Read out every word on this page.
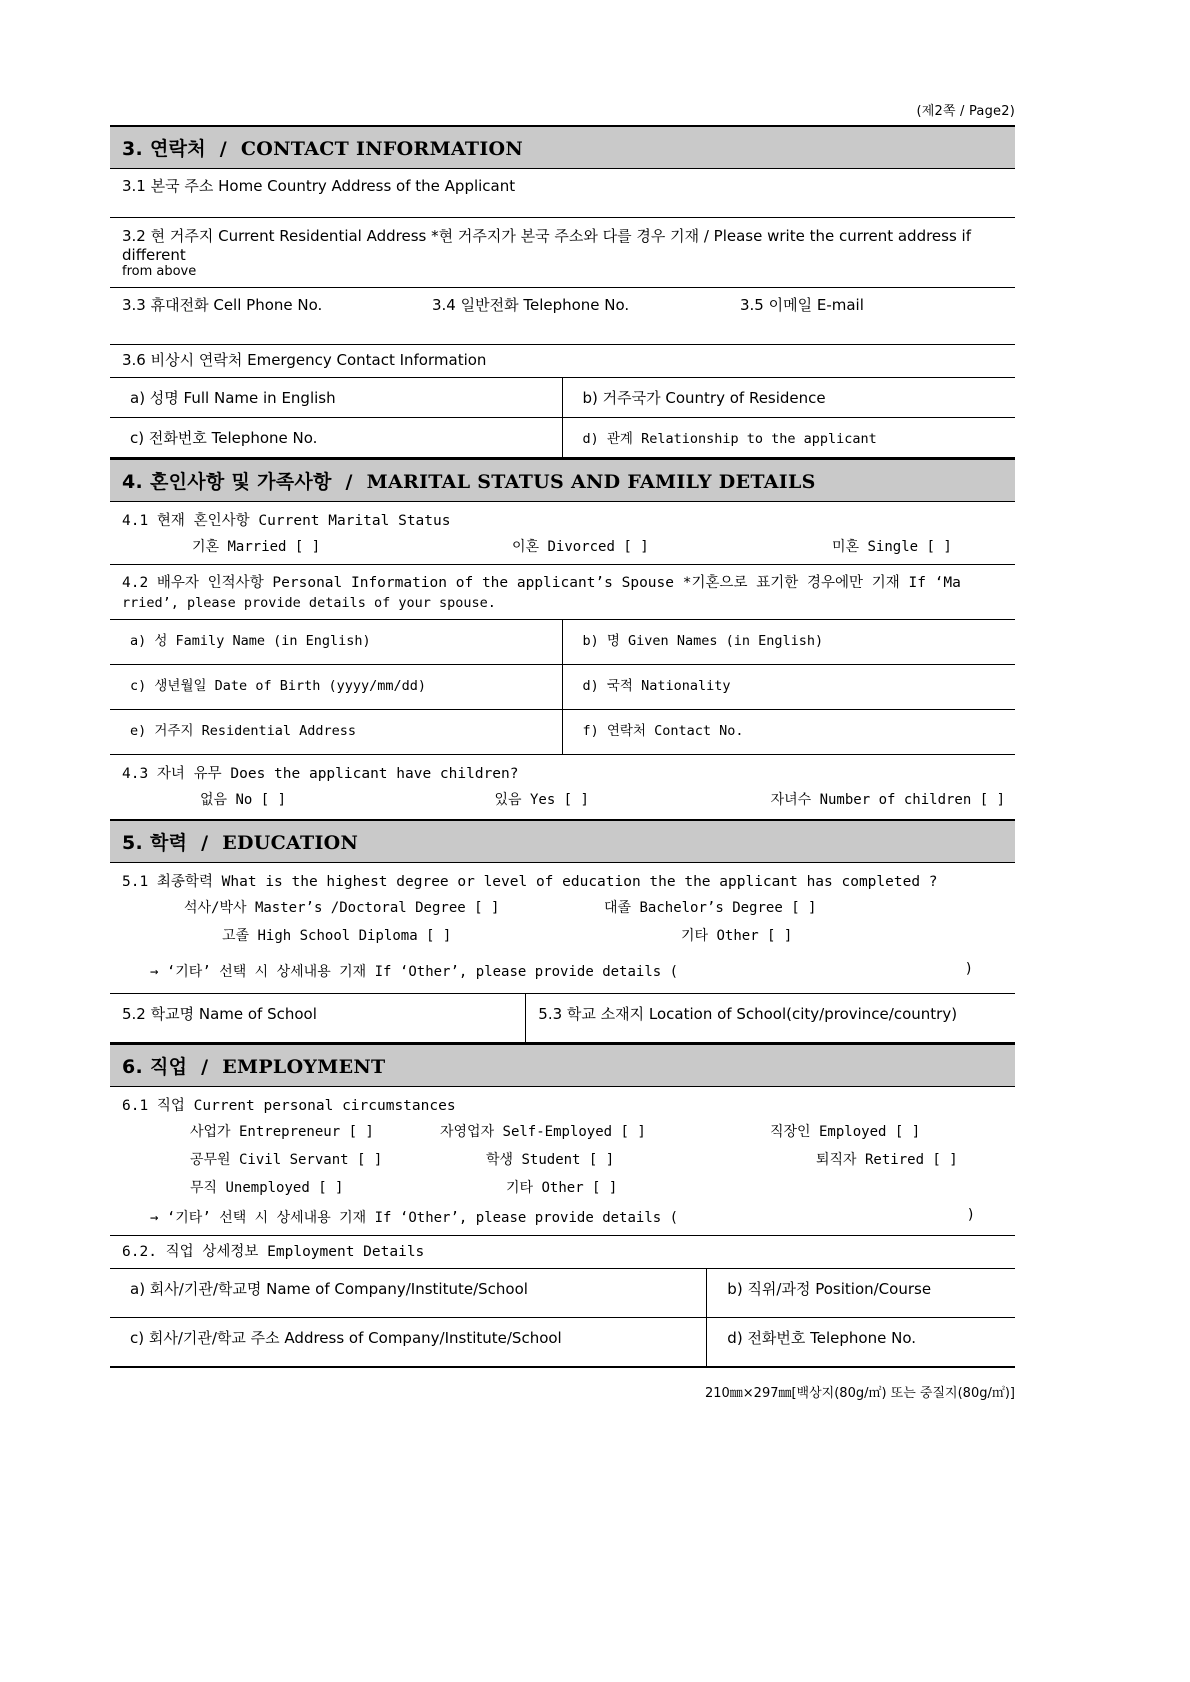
(제2쪽 / Page2)
3. 연락처  /  CONTACT INFORMATION
3.1 본국 주소 Home Country Address of the Applicant
3.2 현 거주지 Current Residential Address *현 거주지가 본국 주소와 다를 경우 기재 / Please write the current address if different
from above
3.3 휴대전화 Cell Phone No.	3.4 일반전화 Telephone No.	3.5 이메일 E-mail
3.6 비상시 연락처 Emergency Contact Information
a) 성명 Full Name in English	b) 거주국가 Country of Residence
c) 전화번호 Telephone No.	d) 관계 Relationship to the applicant
4. 혼인사항 및 가족사항  /  MARITAL STATUS AND FAMILY DETAILS
4.1 현재 혼인사항 Current Marital Status
기혼 Married [ ]	이혼 Divorced [ ]	미혼 Single [ ]
4.2 배우자 인적사항 Personal Information of the applicant’s Spouse *기혼으로 표기한 경우에만 기재 If ‘Ma
rried’, please provide details of your spouse.
a) 성 Family Name (in English)	b) 명 Given Names (in English)
c) 생년월일 Date of Birth (yyyy/mm/dd)	d) 국적 Nationality
e) 거주지 Residential Address	f) 연락처 Contact No.
4.3 자녀 유무 Does the applicant have children?
없음 No [ ]	있음 Yes [ ]	자녀수 Number of children [ ]
5. 학력  /  EDUCATION
5.1 최종학력 What is the highest degree or level of education the the applicant has completed ?
석사/박사 Master’s /Doctoral Degree [ ]	대졸 Bachelor’s Degree [ ]
고졸 High School Diploma [ ]	기타 Other [ ]
→ ‘기타’ 선택 시 상세내용 기재 If ‘Other’, please provide details (	)
5.2 학교명 Name of School	5.3 학교 소재지 Location of School(city/province/country)
6. 직업  /  EMPLOYMENT
6.1 직업 Current personal circumstances
사업가 Entrepreneur [ ]	자영업자 Self-Employed [ ]	직장인 Employed [ ]
공무원 Civil Servant [ ]	학생 Student [ ]	퇴직자 Retired [ ]
무직 Unemployed [ ]	기타 Other [ ]
→ ‘기타’ 선택 시 상세내용 기재 If ‘Other’, please provide details (	)
6.2. 직업 상세정보 Employment Details
a) 회사/기관/학교명 Name of Company/Institute/School	b) 직위/과정 Position/Course
c) 회사/기관/학교 주소 Address of Company/Institute/School	d) 전화번호 Telephone No.
210㎜×297㎜[백상지(80g/㎡) 또는 중질지(80g/㎡)]
